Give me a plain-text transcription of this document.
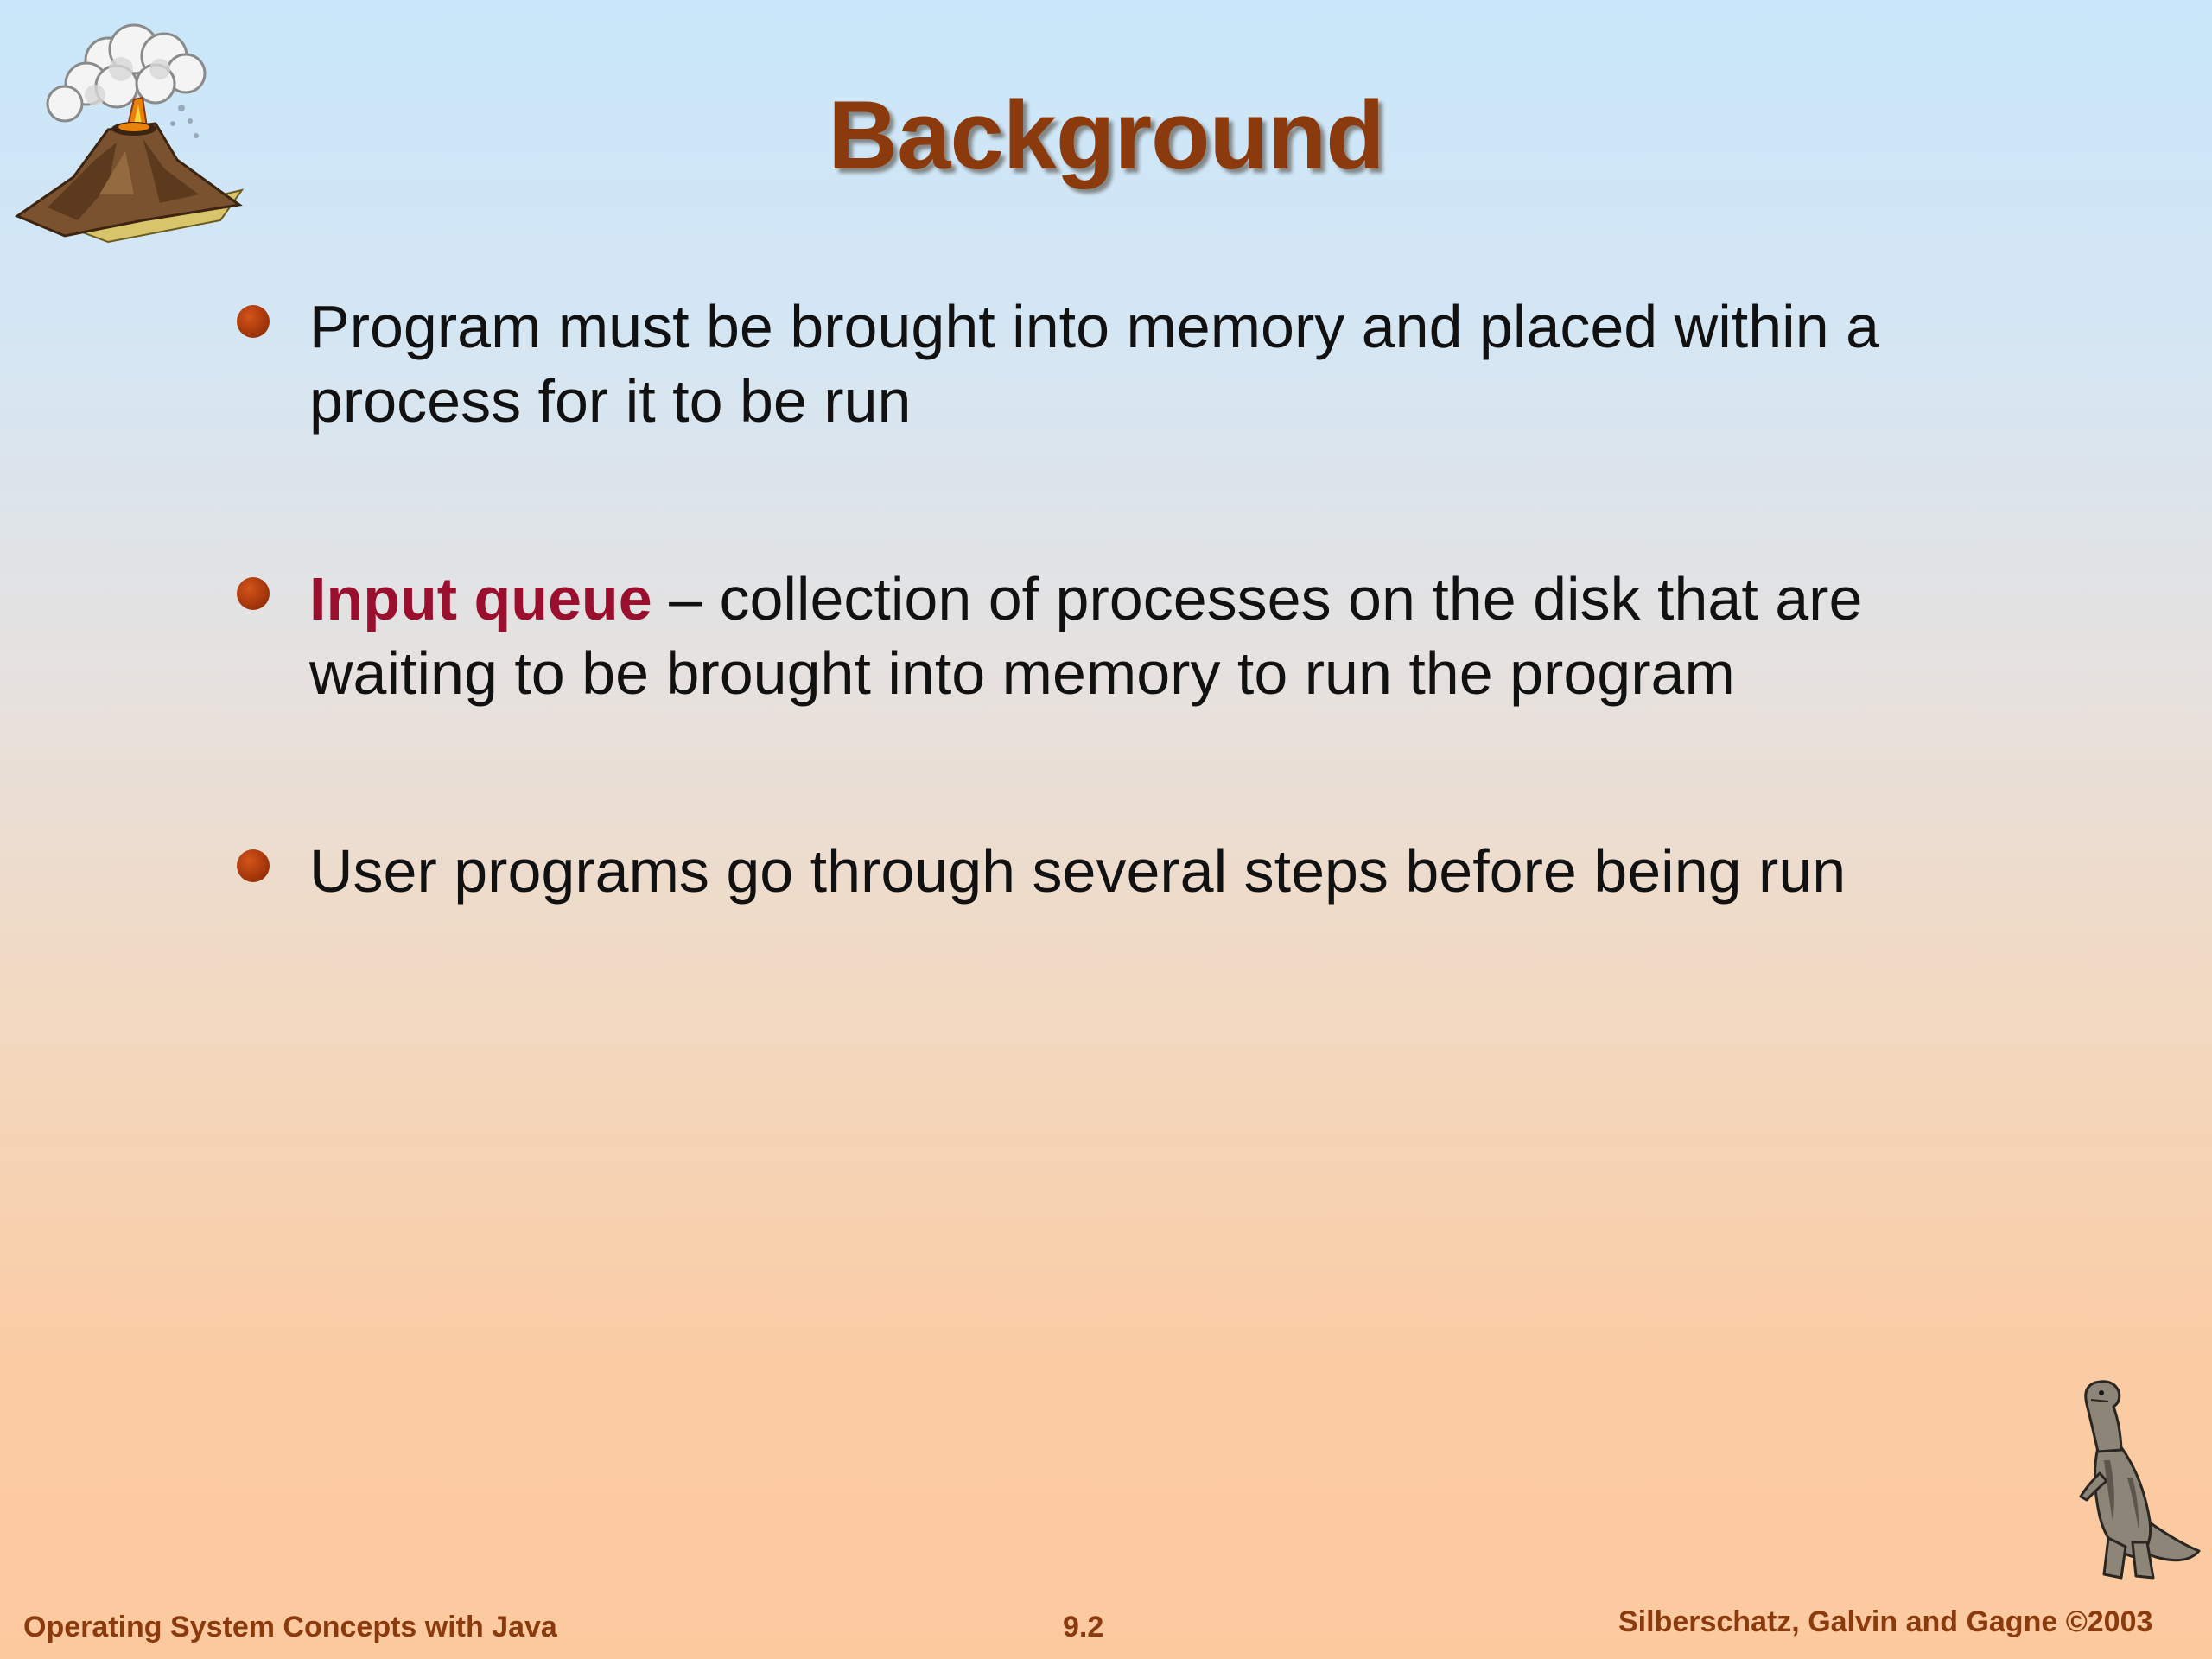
Background
Program must be brought into memory and placed within a process for it to be run
Input queue – collection of processes on the disk that are waiting to be brought into memory to run the program
User programs go through several steps before being run
Operating System Concepts with Java	9.2	Silberschatz, Galvin and Gagne ©2003
